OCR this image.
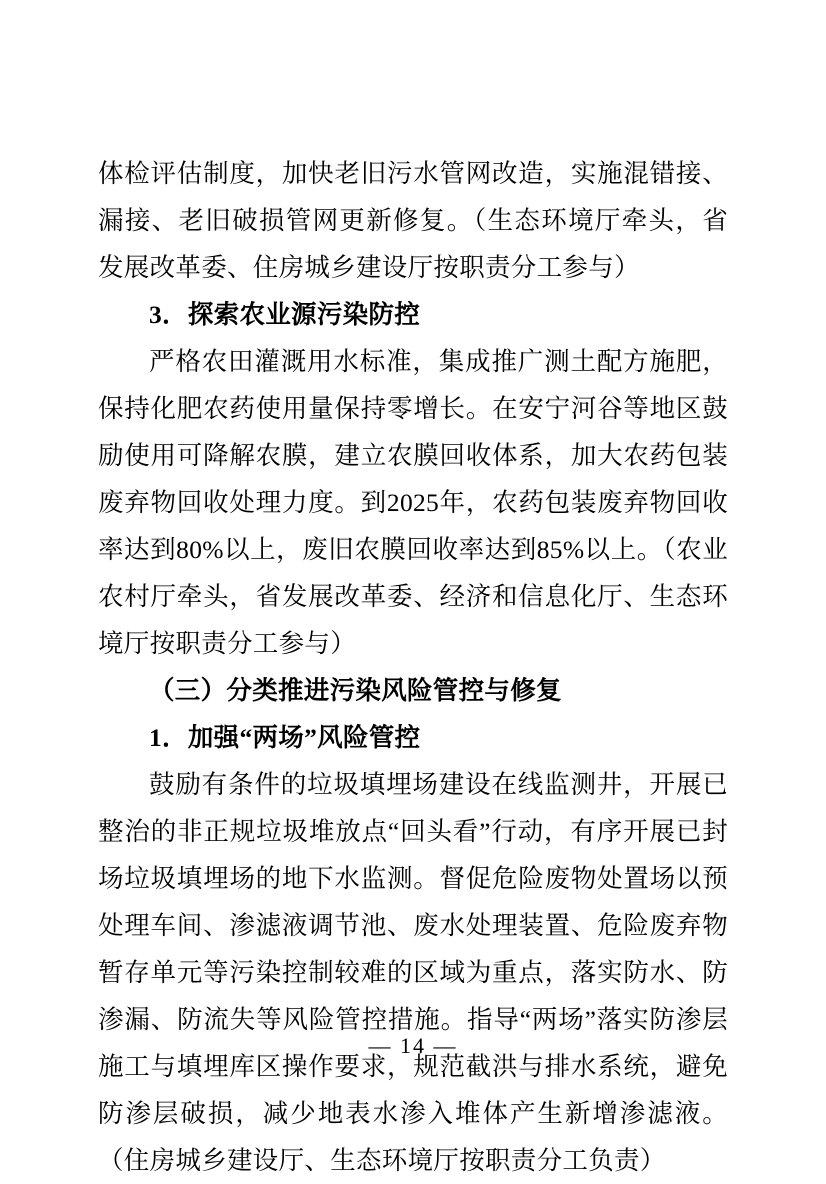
体检评估制度，加快老旧污水管网改造，实施混错接、漏接、老旧破损管网更新修复。（生态环境厅牵头，省发展改革委、住房城乡建设厅按职责分工参与）

3．探索农业源污染防控

严格农田灌溉用水标准，集成推广测土配方施肥，保持化肥农药使用量保持零增长。在安宁河谷等地区鼓励使用可降解农膜，建立农膜回收体系，加大农药包装废弃物回收处理力度。到2025年，农药包装废弃物回收率达到80%以上，废旧农膜回收率达到85%以上。（农业农村厅牵头，省发展改革委、经济和信息化厅、生态环境厅按职责分工参与）

（三）分类推进污染风险管控与修复

1．加强“两场”风险管控

鼓励有条件的垃圾填埋场建设在线监测井，开展已整治的非正规垃圾堆放点“回头看”行动，有序开展已封场垃圾填埋场的地下水监测。督促危险废物处置场以预处理车间、渗滤液调节池、废水处理装置、危险废弃物暂存单元等污染控制较难的区域为重点，落实防水、防渗漏、防流失等风险管控措施。指导“两场”落实防渗层施工与填埋库区操作要求，规范截洪与排水系统，避免防渗层破损，减少地表水渗入堆体产生新增渗滤液。（住房城乡建设厅、生态环境厅按职责分工负责）

— 14 —
